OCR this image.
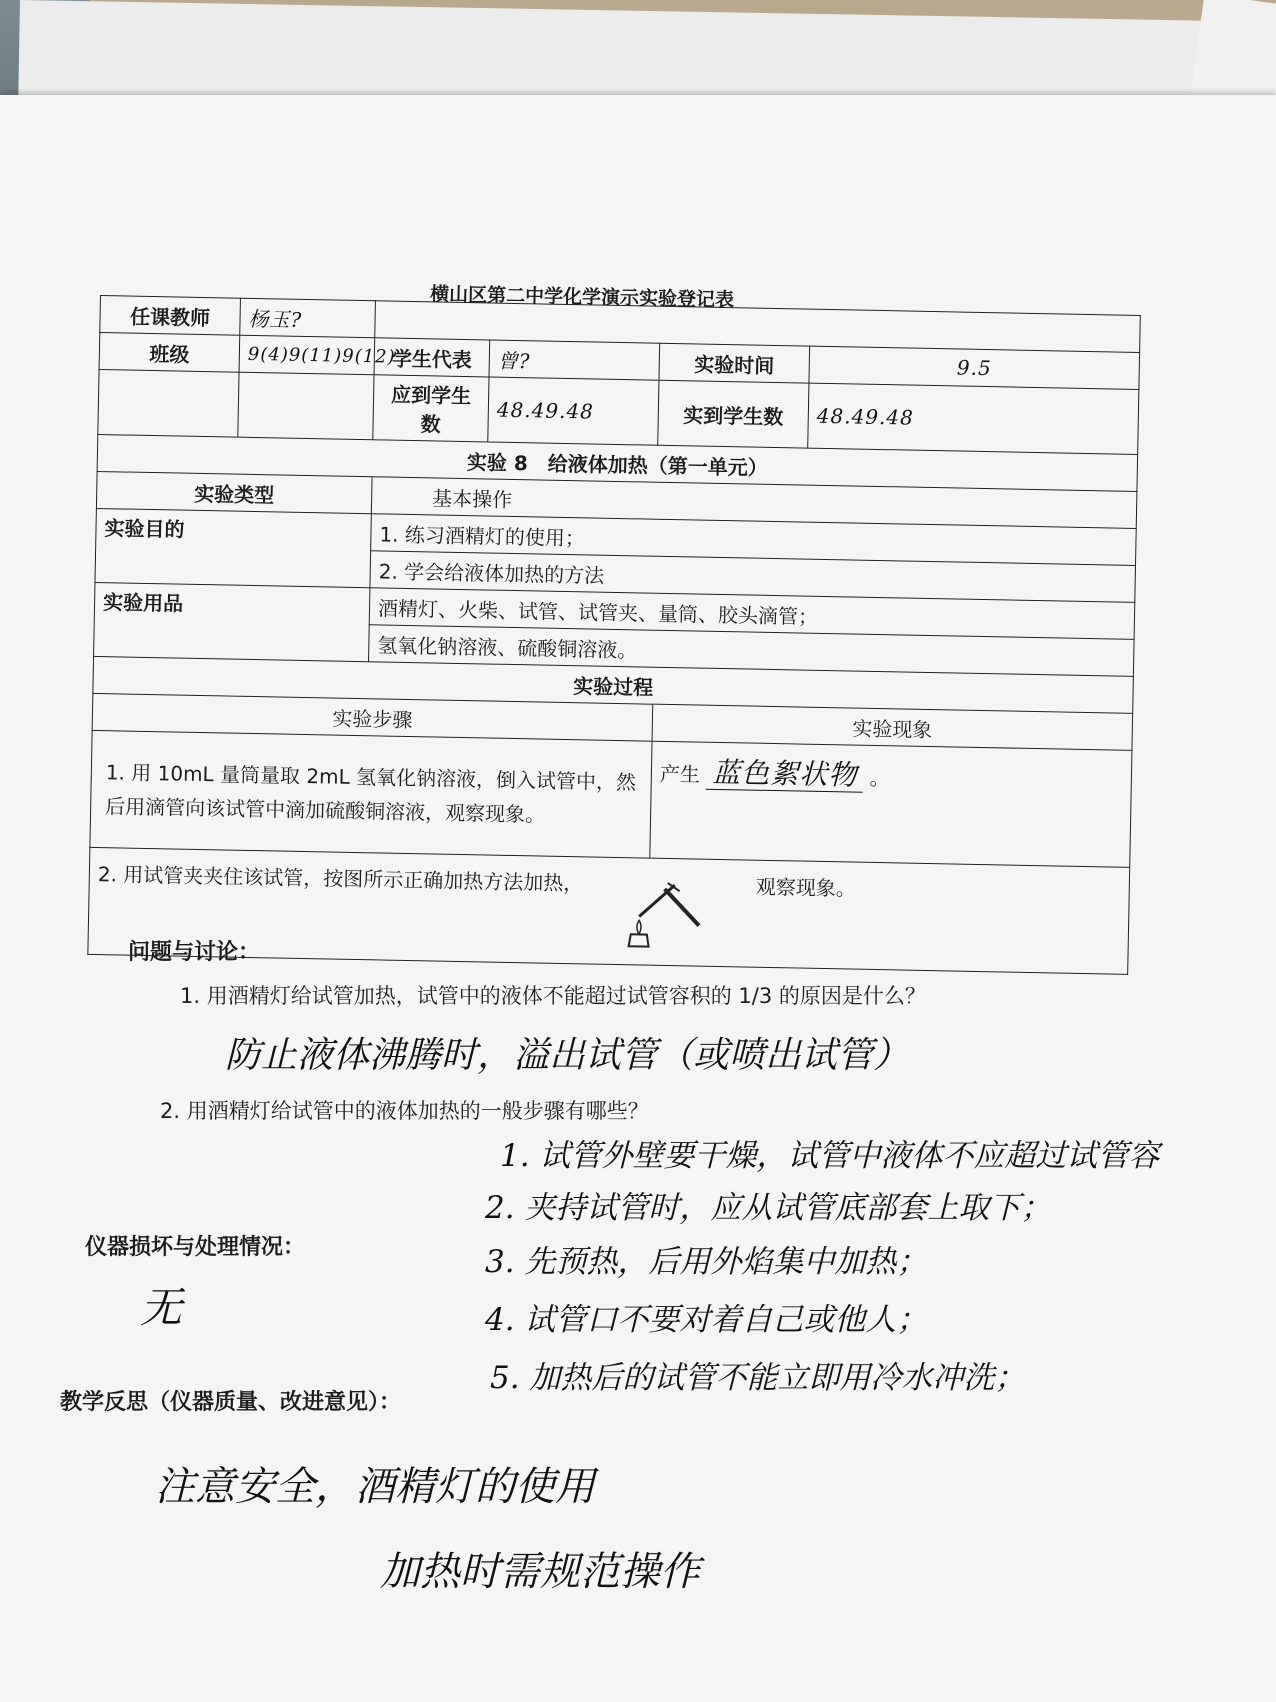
横山区第二中学化学演示实验登记表
任课教师	杨玉?				
班级	9(4)9(11)9(12)	学生代表	曾?	实验时间	9.5
		应到学生数	48.49.48	实到学生数	48.49.48
实验 8　给液体加热（第一单元）					
实验类型		基本操作			
实验目的		1. 练习酒精灯的使用；			
		2. 学会给液体加热的方法			
实验用品		酒精灯、火柴、试管、试管夹、量筒、胶头滴管；			
		氢氧化钠溶液、硫酸铜溶液。			
实验过程					
实验步骤				实验现象	
1. 用 10mL 量筒量取 2mL 氢氧化钠溶液，倒入试管中，然后用滴管向该试管中滴加硫酸铜溶液，观察现象。				产生 蓝色絮状物 。	
2. 用试管夹夹住该试管，按图所示正确加热方法加热， 观察现象。					
问题与讨论：
1. 用酒精灯给试管加热，试管中的液体不能超过试管容积的 1/3 的原因是什么？
防止液体沸腾时，溢出试管（或喷出试管）
2. 用酒精灯给试管中的液体加热的一般步骤有哪些？
1. 试管外壁要干燥，试管中液体不应超过试管容
2. 夹持试管时，应从试管底部套上取下；
3. 先预热，后用外焰集中加热；
4. 试管口不要对着自己或他人；
5. 加热后的试管不能立即用冷水冲洗；
仪器损坏与处理情况：
无
教学反思（仪器质量、改进意见）：
注意安全，酒精灯的使用
加热时需规范操作
